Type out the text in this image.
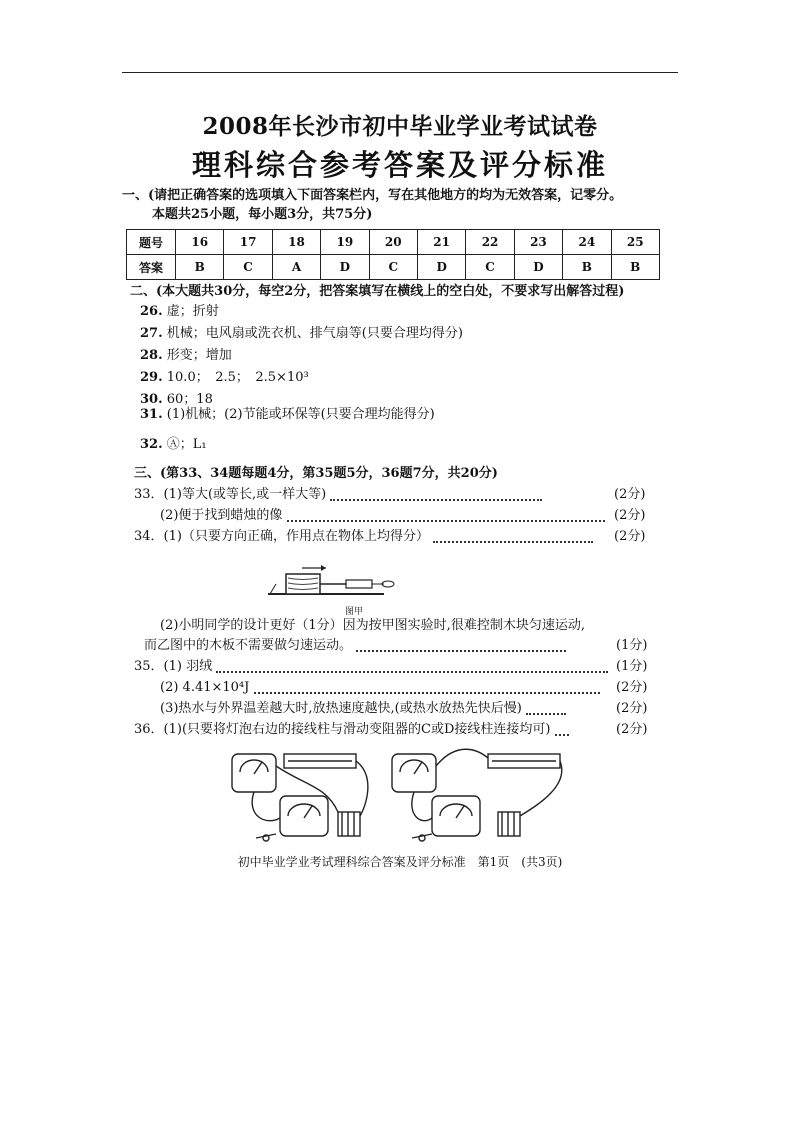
2008年长沙市初中毕业学业考试试卷
理科综合参考答案及评分标准
一、(请把正确答案的选项填入下面答案栏内，写在其他地方的均为无效答案，记零分。
本题共25小题，每小题3分，共75分)
题号	16	17	18	19	20	21	22	23	24	25
答案	B	C	A	D	C	D	C	D	B	B
二、(本大题共30分，每空2分，把答案填写在横线上的空白处，不要求写出解答过程)
26. 虚；折射
27. 机械；电风扇或洗衣机、排气扇等(只要合理均得分)
28. 形变；增加
29. 10.0；　2.5；　2.5×10³
30. 60；18
31. (1)机械；(2)节能或环保等(只要合理均能得分)
32. Ⓐ；L₁
三、(第33、34题每题4分，第35题5分，36题7分，共20分)
33．(1)等大(或等长,或一样大等)	(2分)
(2)便于找到蜡烛的像	(2分)
34．(1)（只要方向正确，作用点在物体上均得分）	(2分)
图甲
(2)小明同学的设计更好（1分）因为按甲图实验时,很难控制木块匀速运动,
而乙图中的木板不需要做匀速运动。	(1分)
35．(1) 羽绒	(1分)
(2) 4.41×10⁴J	(2分)
(3)热水与外界温差越大时,放热速度越快,(或热水放热先快后慢)	(2分)
36．(1)(只要将灯泡右边的接线柱与滑动变阻器的C或D接线柱连接均可)	(2分)
初中毕业学业考试理科综合答案及评分标准　第1页　(共3页)
